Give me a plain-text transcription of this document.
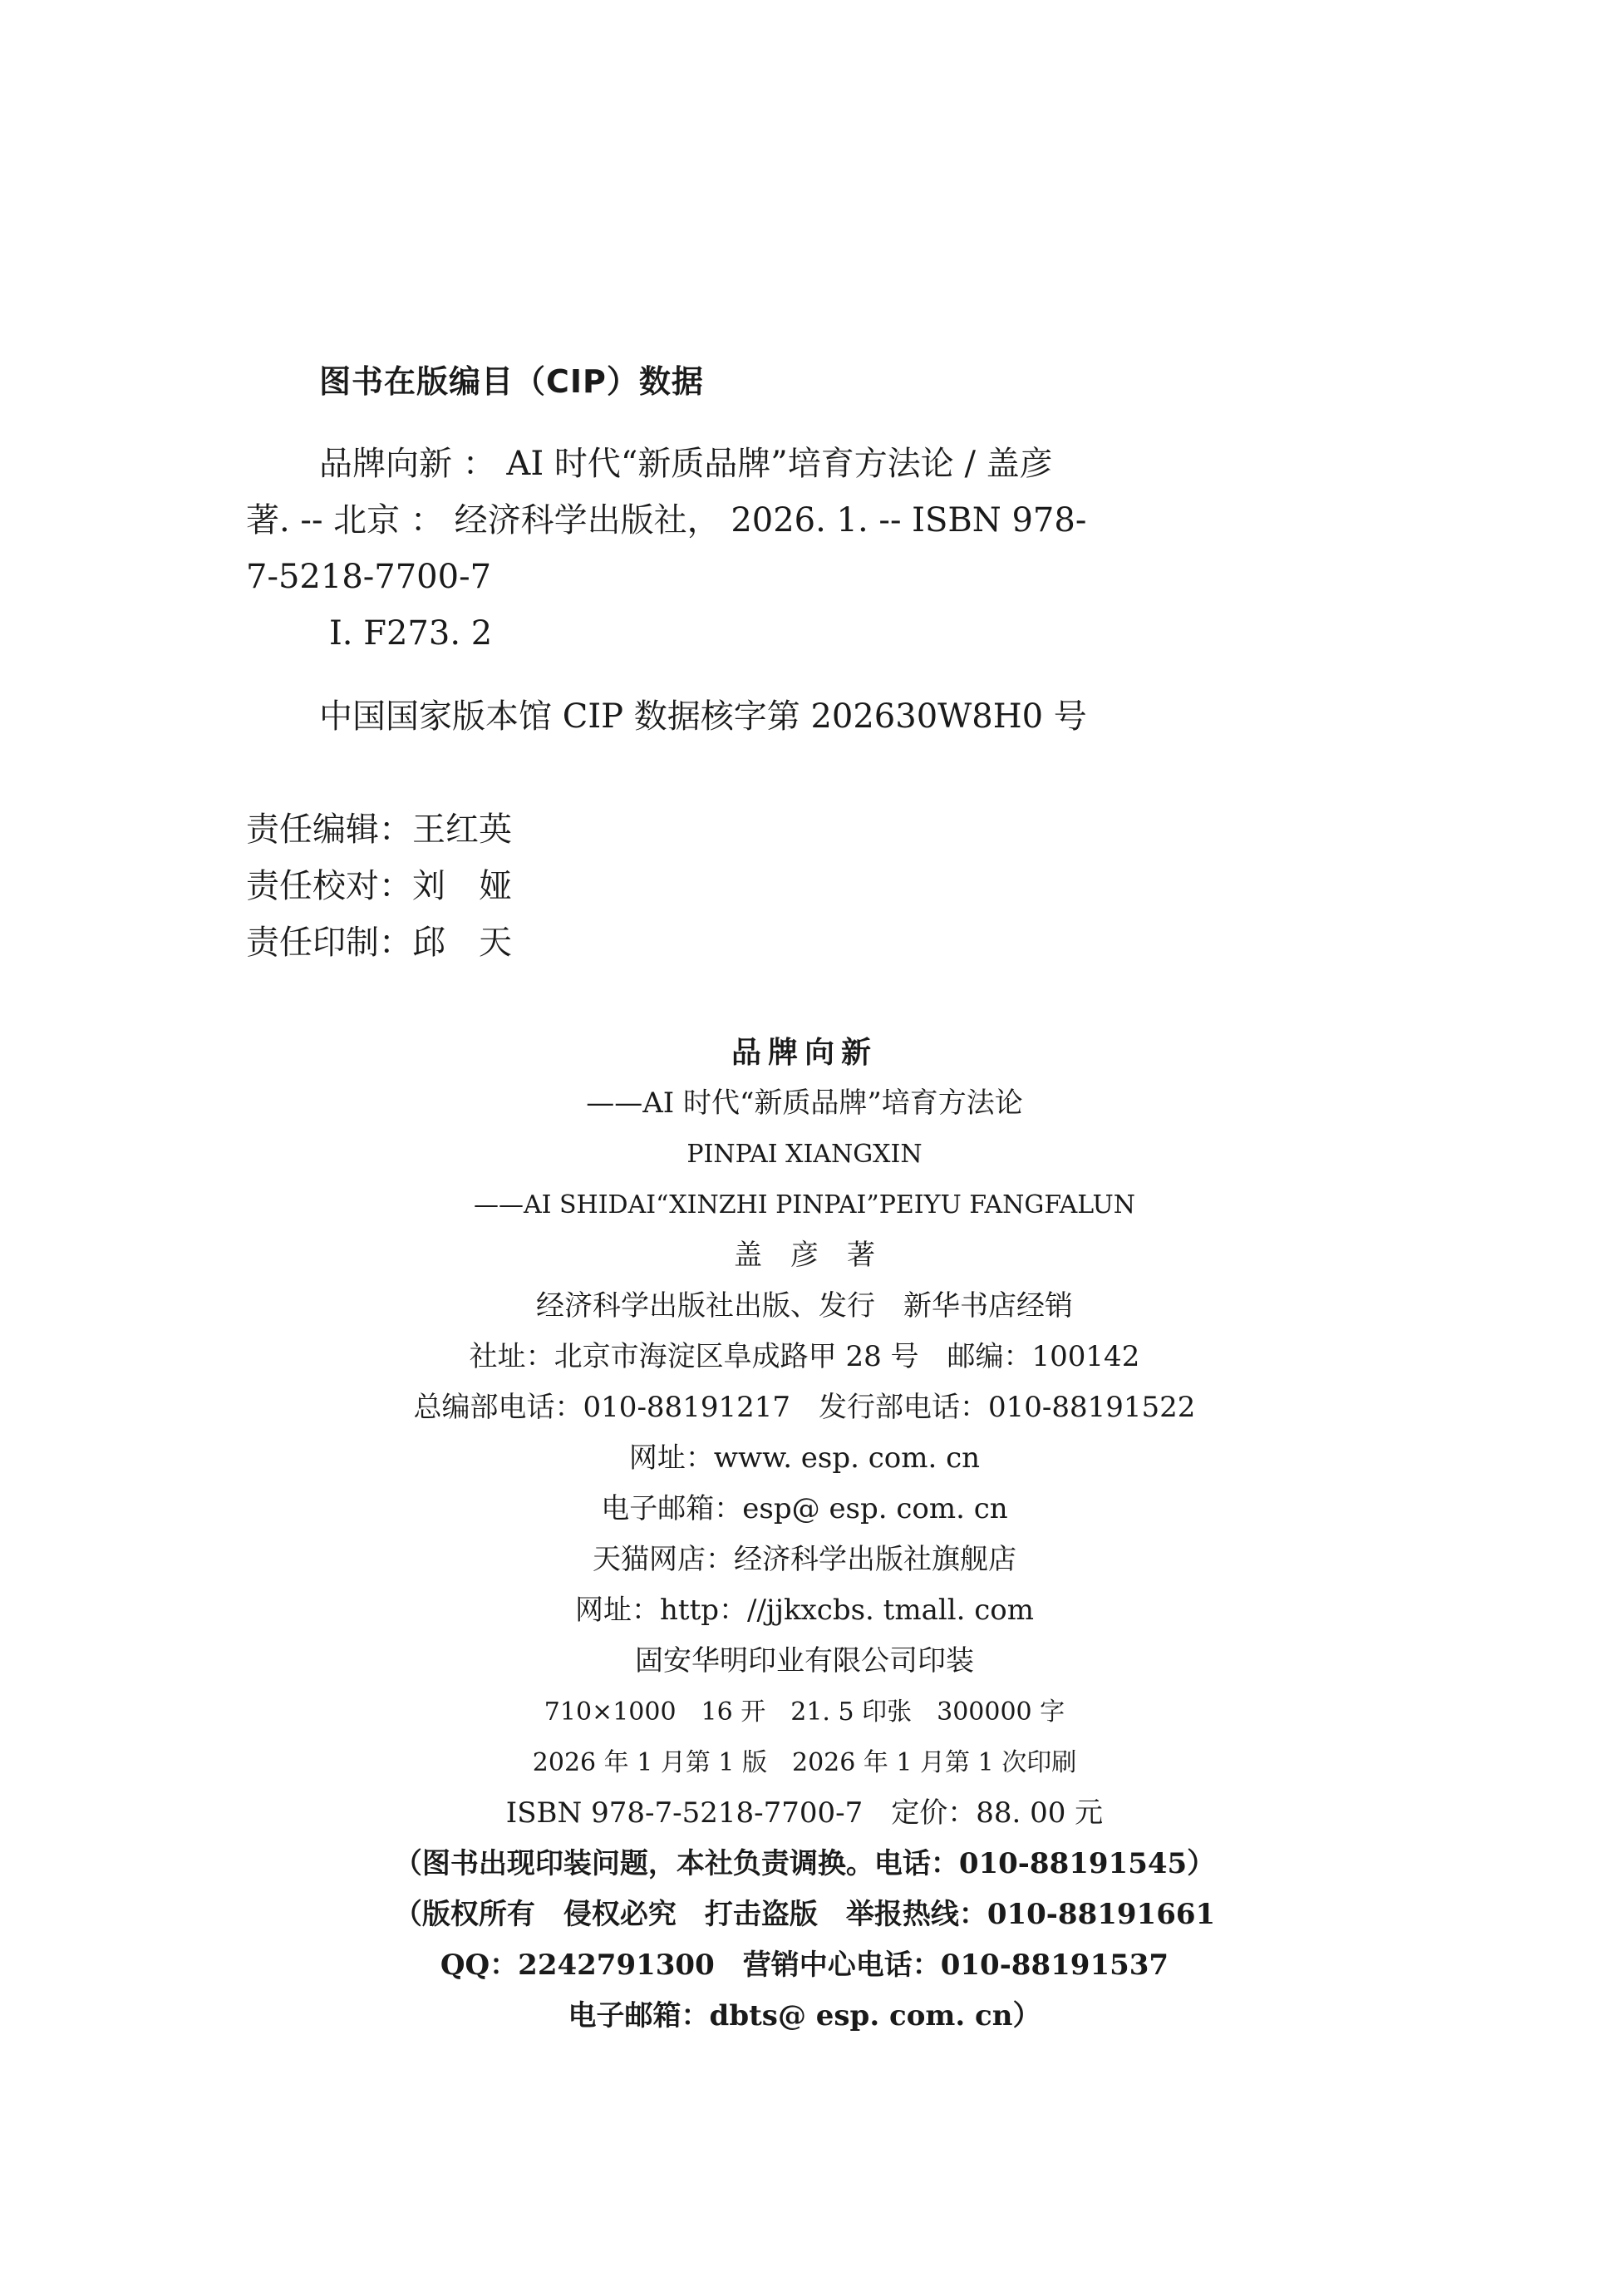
图书在版编目（CIP）数据
品牌向新 ： AI 时代“新质品牌”培育方法论 / 盖彦
著. -- 北京 ： 经济科学出版社， 2026. 1. -- ISBN 978-
7-5218-7700-7
Ⅰ. F273. 2
中国国家版本馆 CIP 数据核字第 202630W8H0 号
责任编辑：王红英
责任校对：刘　娅
责任印制：邱　天
品牌向新
——AI 时代“新质品牌”培育方法论
PINPAI XIANGXIN
——AI SHIDAI“XINZHI PINPAI”PEIYU FANGFALUN
盖　彦　著
经济科学出版社出版、发行　新华书店经销
社址：北京市海淀区阜成路甲 28 号　邮编：100142
总编部电话：010-88191217　发行部电话：010-88191522
网址：www. esp. com. cn
电子邮箱：esp@ esp. com. cn
天猫网店：经济科学出版社旗舰店
网址：http：//jjkxcbs. tmall. com
固安华明印业有限公司印装
710×1000　16 开　21. 5 印张　300000 字
2026 年 1 月第 1 版　2026 年 1 月第 1 次印刷
ISBN 978-7-5218-7700-7　定价：88. 00 元
（图书出现印装问题，本社负责调换。电话：010-88191545）
（版权所有　侵权必究　打击盗版　举报热线：010-88191661
QQ：2242791300　营销中心电话：010-88191537
电子邮箱：dbts@ esp. com. cn）
